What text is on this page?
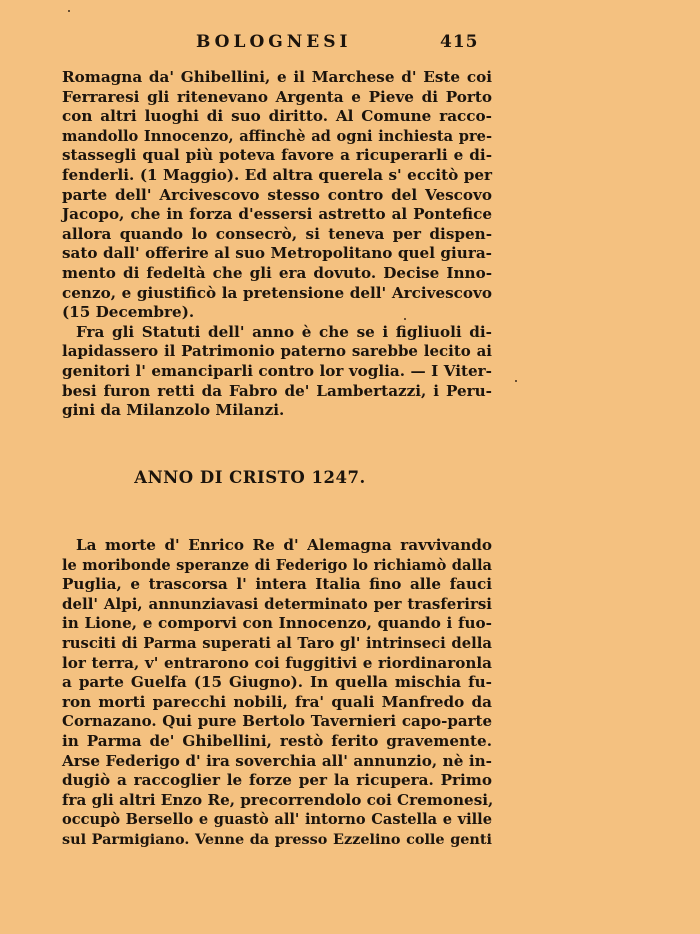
BOLOGNESI	415
Romagna da' Ghibellini, e il Marchese d' Este coi
Ferraresi gli ritenevano Argenta e Pieve di Porto
con altri luoghi di suo diritto. Al Comune racco-
mandollo Innocenzo, affinchè ad ogni inchiesta pre-
stassegli qual più poteva favore a ricuperarli e di-
fenderli. (1 Maggio). Ed altra querela s' eccitò per
parte dell' Arcivescovo stesso contro del Vescovo
Jacopo, che in forza d'essersi astretto al Pontefice
allora quando lo consecrò, si teneva per dispen-
sato dall' offerire al suo Metropolitano quel giura-
mento di fedeltà che gli era dovuto. Decise Inno-
cenzo, e giustificò la pretensione dell' Arcivescovo
(15 Decembre).
Fra gli Statuti dell' anno è che se i figliuoli di-
lapidassero il Patrimonio paterno sarebbe lecito ai
genitori l' emanciparli contro lor voglia. — I Viter-
besi furon retti da Fabro de' Lambertazzi, i Peru-
gini da Milanzolo Milanzi.
ANNO DI CRISTO 1247.
La morte d' Enrico Re d' Alemagna ravvivando
le moribonde speranze di Federigo lo richiamò dalla
Puglia, e trascorsa l' intera Italia fino alle fauci
dell' Alpi, annunziavasi determinato per trasferirsi
in Lione, e comporvi con Innocenzo, quando i fuo-
rusciti di Parma superati al Taro gl' intrinseci della
lor terra, v' entrarono coi fuggitivi e riordinaronla
a parte Guelfa (15 Giugno). In quella mischia fu-
ron morti parecchi nobili, fra' quali Manfredo da
Cornazano. Qui pure Bertolo Tavernieri capo-parte
in Parma de' Ghibellini, restò ferito gravemente.
Arse Federigo d' ira soverchia all' annunzio, nè in-
dugiò a raccoglier le forze per la ricupera. Primo
fra gli altri Enzo Re, precorrendolo coi Cremonesi,
occupò Bersello e guastò all' intorno Castella e ville
sul Parmigiano. Venne da presso Ezzelino colle genti
